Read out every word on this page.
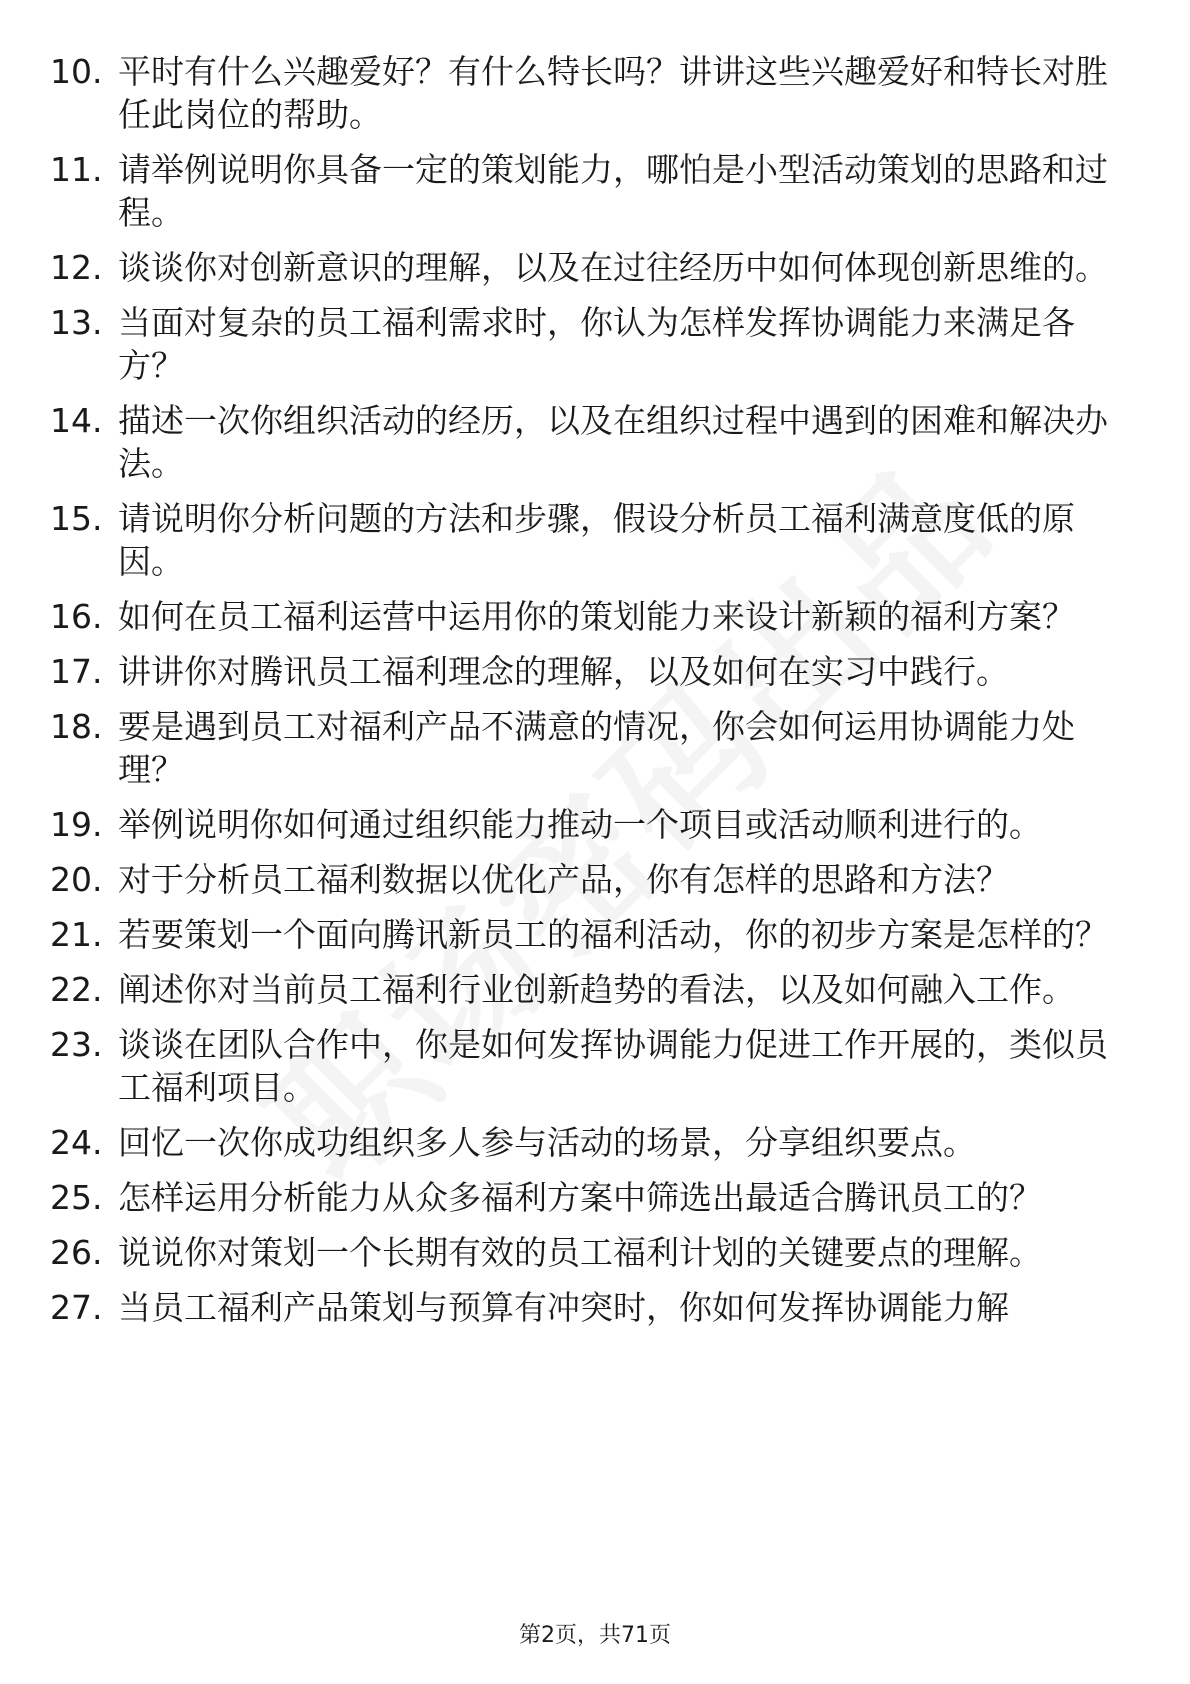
10. 平时有什么兴趣爱好？有什么特长吗？讲讲这些兴趣爱好和特长对胜任此岗位的帮助。
11. 请举例说明你具备一定的策划能力，哪怕是小型活动策划的思路和过程。
12. 谈谈你对创新意识的理解，以及在过往经历中如何体现创新思维的。
13. 当面对复杂的员工福利需求时，你认为怎样发挥协调能力来满足各方？
14. 描述一次你组织活动的经历，以及在组织过程中遇到的困难和解决办法。
15. 请说明你分析问题的方法和步骤，假设分析员工福利满意度低的原因。
16. 如何在员工福利运营中运用你的策划能力来设计新颖的福利方案？
17. 讲讲你对腾讯员工福利理念的理解，以及如何在实习中践行。
18. 要是遇到员工对福利产品不满意的情况，你会如何运用协调能力处理？
19. 举例说明你如何通过组织能力推动一个项目或活动顺利进行的。
20. 对于分析员工福利数据以优化产品，你有怎样的思路和方法？
21. 若要策划一个面向腾讯新员工的福利活动，你的初步方案是怎样的？
22. 阐述你对当前员工福利行业创新趋势的看法，以及如何融入工作。
23. 谈谈在团队合作中，你是如何发挥协调能力促进工作开展的，类似员工福利项目。
24. 回忆一次你成功组织多人参与活动的场景，分享组织要点。
25. 怎样运用分析能力从众多福利方案中筛选出最适合腾讯员工的？
26. 说说你对策划一个长期有效的员工福利计划的关键要点的理解。
27. 当员工福利产品策划与预算有冲突时，你如何发挥协调能力解
第2页，共71页
